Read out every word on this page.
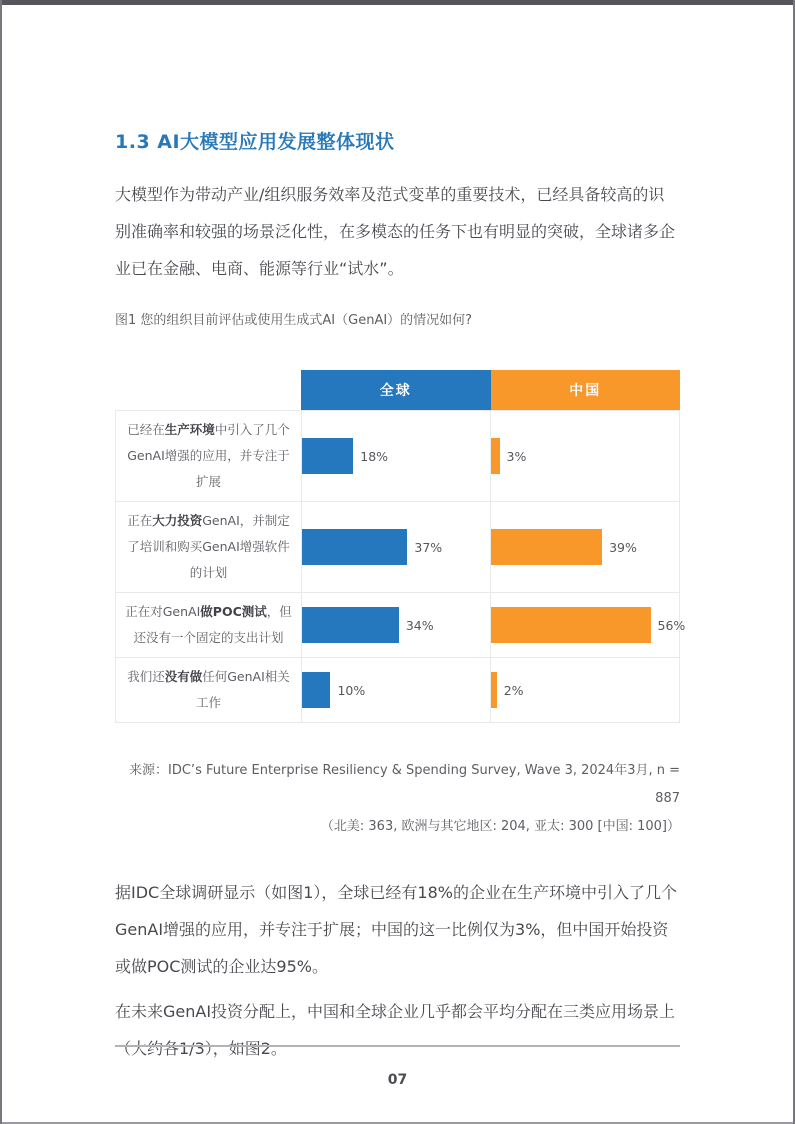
1.3 AI大模型应用发展整体现状

大模型作为带动产业/组织服务效率及范式变革的重要技术，已经具备较高的识别准确率和较强的场景泛化性，在多模态的任务下也有明显的突破，全球诸多企业已在金融、电商、能源等行业“试水”。

图1 您的组织目前评估或使用生成式AI（GenAI）的情况如何?
全球	中国
已经在生产环境中引入了几个GenAI增强的应用，并专注于扩展
18%	3%
正在大力投资GenAI，并制定了培训和购买GenAI增强软件的计划
37%	39%
正在对GenAI做POC测试，但还没有一个固定的支出计划
34%	56%
我们还没有做任何GenAI相关工作
10%	2%
来源：IDC’s Future Enterprise Resiliency & Spending Survey, Wave 3, 2024年3月, n = 887
（北美: 363, 欧洲与其它地区: 204, 亚太: 300 [中国: 100]）

据IDC全球调研显示（如图1），全球已经有18%的企业在生产环境中引入了几个GenAI增强的应用，并专注于扩展；中国的这一比例仅为3%，但中国开始投资或做POC测试的企业达95%。

在未来GenAI投资分配上，中国和全球企业几乎都会平均分配在三类应用场景上（大约各1/3），如图2。

07
